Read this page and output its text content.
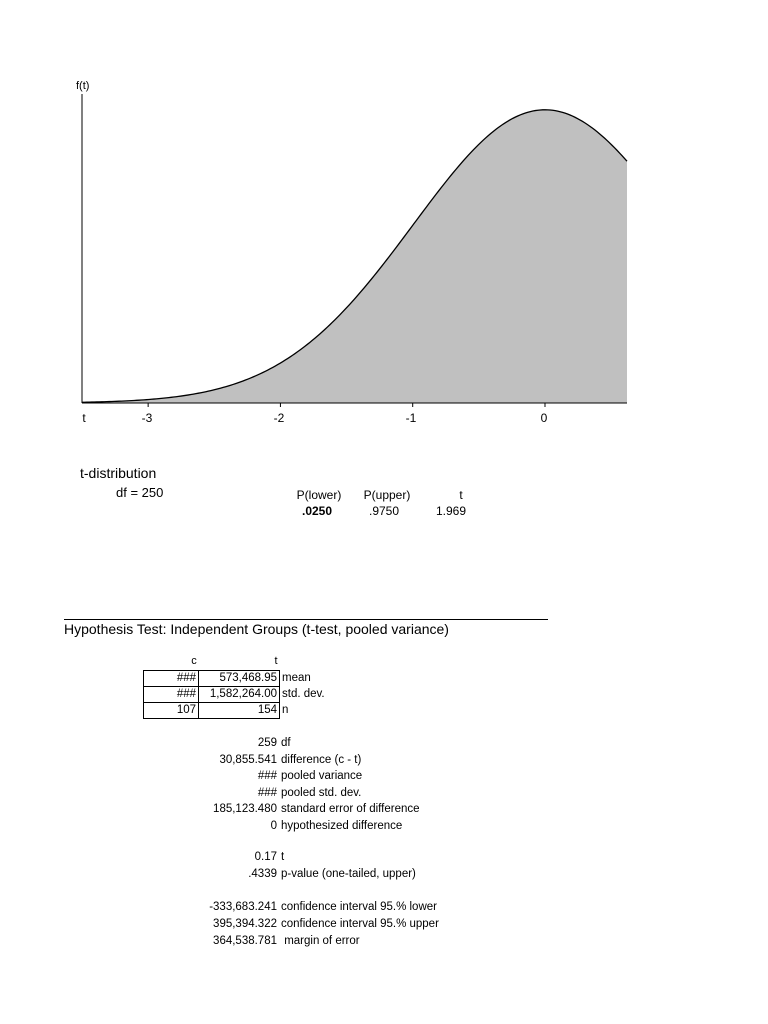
f(t)
t	-3	-2	-1	0
t-distribution
df = 250	P(lower) P(upper)	t
.0250	.9750	1.969
Hypothesis Test: Independent Groups (t-test, pooled variance)
c	t
###	573,468.95	mean
###	1,582,264.00	std. dev.
107	154	n
259 df
30,855.541 difference (c - t)
### pooled variance
### pooled std. dev.
185,123.480 standard error of difference
0 hypothesized difference
0.17 t
.4339 p-value (one-tailed, upper)
-333,683.241 confidence interval 95.% lower
395,394.322 confidence interval 95.% upper
364,538.781 margin of error
